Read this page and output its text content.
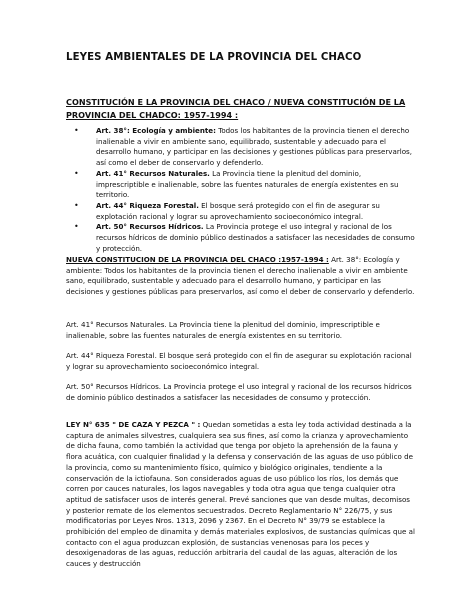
LEYES AMBIENTALES DE LA PROVINCIA DEL CHACO

CONSTITUCIÓN E LA PROVINCIA DEL CHACO / NUEVA CONSTITUCIÓN DE LA PROVINCIA DEL CHADCO: 1957-1994 :

• Art. 38°: Ecología y ambiente: Todos los habitantes de la provincia tienen el derecho inalienable a vivir en ambiente sano, equilibrado, sustentable y adecuado para el desarrollo humano, y participar en las decisiones y gestiones públicas para preservarlos, así como el deber de conservarlo y defenderlo.
• Art. 41° Recursos Naturales. La Provincia tiene la plenitud del dominio, imprescriptible e inalienable, sobre las fuentes naturales de energía existentes en su territorio.
• Art. 44° Riqueza Forestal. El bosque será protegido con el fin de asegurar su explotación racional y lograr su aprovechamiento socioeconómico integral.
• Art. 50° Recursos Hídricos. La Provincia protege el uso integral y racional de los recursos hídricos de dominio público destinados a satisfacer las necesidades de consumo y protección.

NUEVA CONSTITUCION DE LA PROVINCIA DEL CHACO :1957-1994 : Art. 38°: Ecología y ambiente: Todos los habitantes de la provincia tienen el derecho inalienable a vivir en ambiente sano, equilibrado, sustentable y adecuado para el desarrollo humano, y participar en las decisiones y gestiones públicas para preservarlos, así como el deber de conservarlo y defenderlo.

Art. 41° Recursos Naturales. La Provincia tiene la plenitud del dominio, imprescriptible e inalienable, sobre las fuentes naturales de energía existentes en su territorio.

Art. 44° Riqueza Forestal. El bosque será protegido con el fin de asegurar su explotación racional y lograr su aprovechamiento socioeconómico integral.

Art. 50° Recursos Hídricos. La Provincia protege el uso integral y racional de los recursos hídricos de dominio público destinados a satisfacer las necesidades de consumo y protección.

LEY N° 635 " DE CAZA Y PEZCA " : Quedan sometidas a esta ley toda actividad destinada a la captura de animales silvestres, cualquiera sea sus fines, así como la crianza y aprovechamiento de dicha fauna, como también la actividad que tenga por objeto la aprehensión de la fauna y flora acuática, con cualquier finalidad y la defensa y conservación de las aguas de uso público de la provincia, como su mantenimiento físico, químico y biológico originales, tendiente a la conservación de la ictiofauna. Son considerados aguas de uso público los ríos, los demás que corren por cauces naturales, los lagos navegables y toda otra agua que tenga cualquier otra aptitud de satisfacer usos de interés general. Prevé sanciones que van desde multas, decomisos y posterior remate de los elementos secuestrados. Decreto Reglamentario N° 226/75, y sus modificatorias por Leyes Nros. 1313, 2096 y 2367. En el Decreto N° 39/79 se establece la prohibición del empleo de dinamita y demás materiales explosivos, de sustancias químicas que al contacto con el agua produzcan explosión, de sustancias venenosas para los peces y desoxigenadoras de las aguas, reducción arbitraria del caudal de las aguas, alteración de los cauces y destrucción
